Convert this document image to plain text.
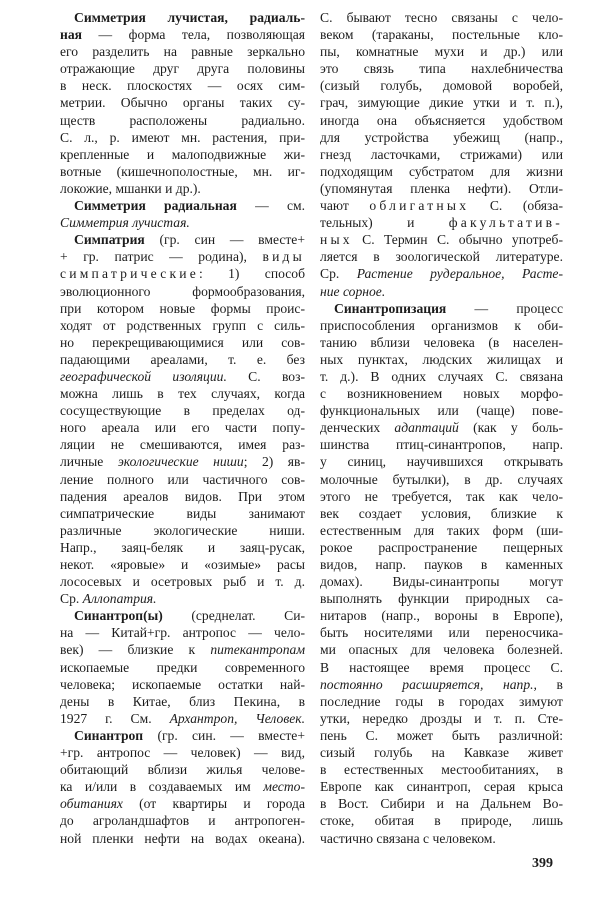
Симметрия лучистая, радиаль-
ная — форма тела, позволяющая
его разделить на равные зеркально
отражающие друг друга половины
в неск. плоскостях — осях сим-
метрии. Обычно органы таких су-
ществ расположены радиально.
С. л., р. имеют мн. растения, при-
крепленные и малоподвижные жи-
вотные (кишечнополостные, мн. иг-
локожие, мшанки и др.).
Симметрия радиальная — см.
Симметрия лучистая.
Симпатрия (гр. син — вместе+
+ гр. патрис — родина), виды
симпатрические: 1) способ
эволюционного формообразования,
при котором новые формы проис-
ходят от родственных групп с силь-
но перекрещивающимися или сов-
падающими ареалами, т. е. без
географической изоляции. С. воз-
можна лишь в тех случаях, когда
сосуществующие в пределах од-
ного ареала или его части попу-
ляции не смешиваются, имея раз-
личные экологические ниши; 2) яв-
ление полного или частичного сов-
падения ареалов видов. При этом
симпатрические виды занимают
различные экологические ниши.
Напр., заяц-беляк и заяц-русак,
некот. «яровые» и «озимые» расы
лососевых и осетровых рыб и т. д.
Ср. Аллопатрия.
Синантроп(ы) (среднелат. Си-
на — Китай+гр. антропос — чело-
век) — близкие к питекантропам
ископаемые предки современного
человека; ископаемые остатки най-
дены в Китае, близ Пекина, в
1927 г. См. Архантроп, Человек.
Синантроп (гр. син. — вместе+
+гр. антропос — человек) — вид,
обитающий вблизи жилья челове-
ка и/или в создаваемых им место-
обитаниях (от квартиры и города
до агроландшафтов и антропоген-
ной пленки нефти на водах океана).
С. бывают тесно связаны с чело-
веком (тараканы, постельные кло-
пы, комнатные мухи и др.) или
это связь типа нахлебничества
(сизый голубь, домовой воробей,
грач, зимующие дикие утки и т. п.),
иногда она объясняется удобством
для устройства убежищ (напр.,
гнезд ласточками, стрижами) или
подходящим субстратом для жизни
(упомянутая пленка нефти). Отли-
чают облигатных С. (обяза-
тельных) и факультатив-
ных С. Термин С. обычно употреб-
ляется в зоологической литературе.
Ср. Растение рудеральное, Расте-
ние сорное.
Синантропизация — процесс
приспособления организмов к оби-
танию вблизи человека (в населен-
ных пунктах, людских жилищах и
т. д.). В одних случаях С. связана
с возникновением новых морфо-
функциональных или (чаще) пове-
денческих адаптаций (как у боль-
шинства птиц-синантропов, напр.
у синиц, научившихся открывать
молочные бутылки), в др. случаях
этого не требуется, так как чело-
век создает условия, близкие к
естественным для таких форм (ши-
рокое распространение пещерных
видов, напр. пауков в каменных
домах). Виды-синантропы могут
выполнять функции природных са-
нитаров (напр., вороны в Европе),
быть носителями или переносчика-
ми опасных для человека болезней.
В настоящее время процесс С.
постоянно расширяется, напр., в
последние годы в городах зимуют
утки, нередко дрозды и т. п. Сте-
пень С. может быть различной:
сизый голубь на Кавказе живет
в естественных местообитаниях, в
Европе как синантроп, серая крыса
в Вост. Сибири и на Дальнем Во-
стоке, обитая в природе, лишь
частично связана с человеком.
399
